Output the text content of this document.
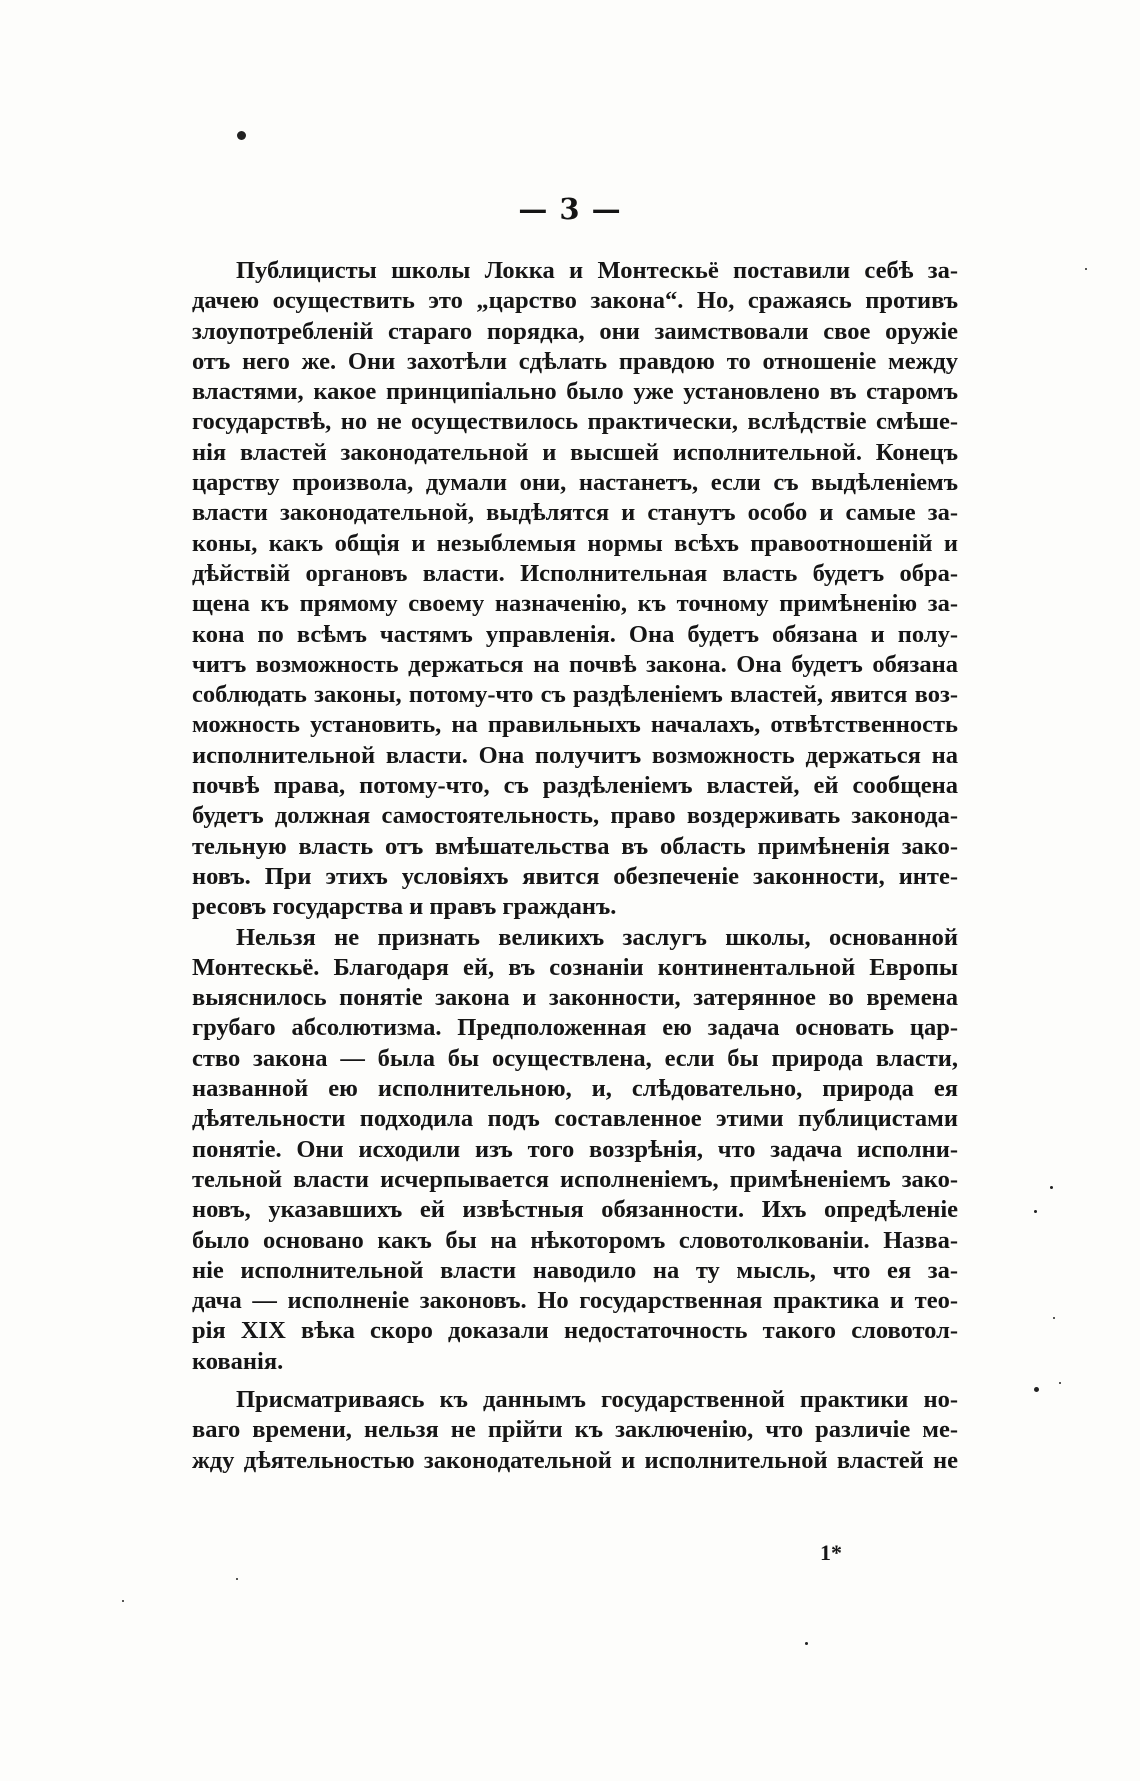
— 3 —
Публицисты школы Локка и Монтескьё поставили себѣ за-
дачею осуществить это „царство закона“. Но, сражаясь противъ
злоупотребленій стараго порядка, они заимствовали свое оружіе
отъ него же. Они захотѣли сдѣлать правдою то отношеніе между
властями, какое принципіально было уже установлено въ старомъ
государствѣ, но не осуществилось практически, вслѣдствіе смѣше-
нія властей законодательной и высшей исполнительной. Конецъ
царству произвола, думали они, настанетъ, если съ выдѣленіемъ
власти законодательной, выдѣлятся и станутъ особо и самые за-
коны, какъ общія и незыблемыя нормы всѣхъ правоотношеній и
дѣйствій органовъ власти. Исполнительная власть будетъ обра-
щена къ прямому своему назначенію, къ точному примѣненію за-
кона по всѣмъ частямъ управленія. Она будетъ обязана и полу-
читъ возможность держаться на почвѣ закона. Она будетъ обязана
соблюдать законы, потому-что съ раздѣленіемъ властей, явится воз-
можность установить, на правильныхъ началахъ, отвѣтственность
исполнительной власти. Она получитъ возможность держаться на
почвѣ права, потому-что, съ раздѣленіемъ властей, ей сообщена
будетъ должная самостоятельность, право воздерживать законода-
тельную власть отъ вмѣшательства въ область примѣненія зако-
новъ. При этихъ условіяхъ явится обезпеченіе законности, инте-
ресовъ государства и правъ гражданъ.
Нельзя не признать великихъ заслугъ школы, основанной
Монтескьё. Благодаря ей, въ сознаніи континентальной Европы
выяснилось понятіе закона и законности, затерянное во времена
грубаго абсолютизма. Предположенная ею задача основать цар-
ство закона — была бы осуществлена, если бы природа власти,
названной ею исполнительною, и, слѣдовательно, природа ея
дѣятельности подходила подъ составленное этими публицистами
понятіе. Они исходили изъ того воззрѣнія, что задача исполни-
тельной власти исчерпывается исполненіемъ, примѣненіемъ зако-
новъ, указавшихъ ей извѣстныя обязанности. Ихъ опредѣленіе
было основано какъ бы на нѣкоторомъ словотолкованіи. Назва-
ніе исполнительной власти наводило на ту мысль, что ея за-
дача — исполненіе законовъ. Но государственная практика и тео-
рія XIX вѣка скоро доказали недостаточность такого словотол-
кованія.
Присматриваясь къ даннымъ государственной практики но-
ваго времени, нельзя не прійти къ заключенію, что различіе ме-
жду дѣятельностью законодательной и исполнительной властей не
1*
